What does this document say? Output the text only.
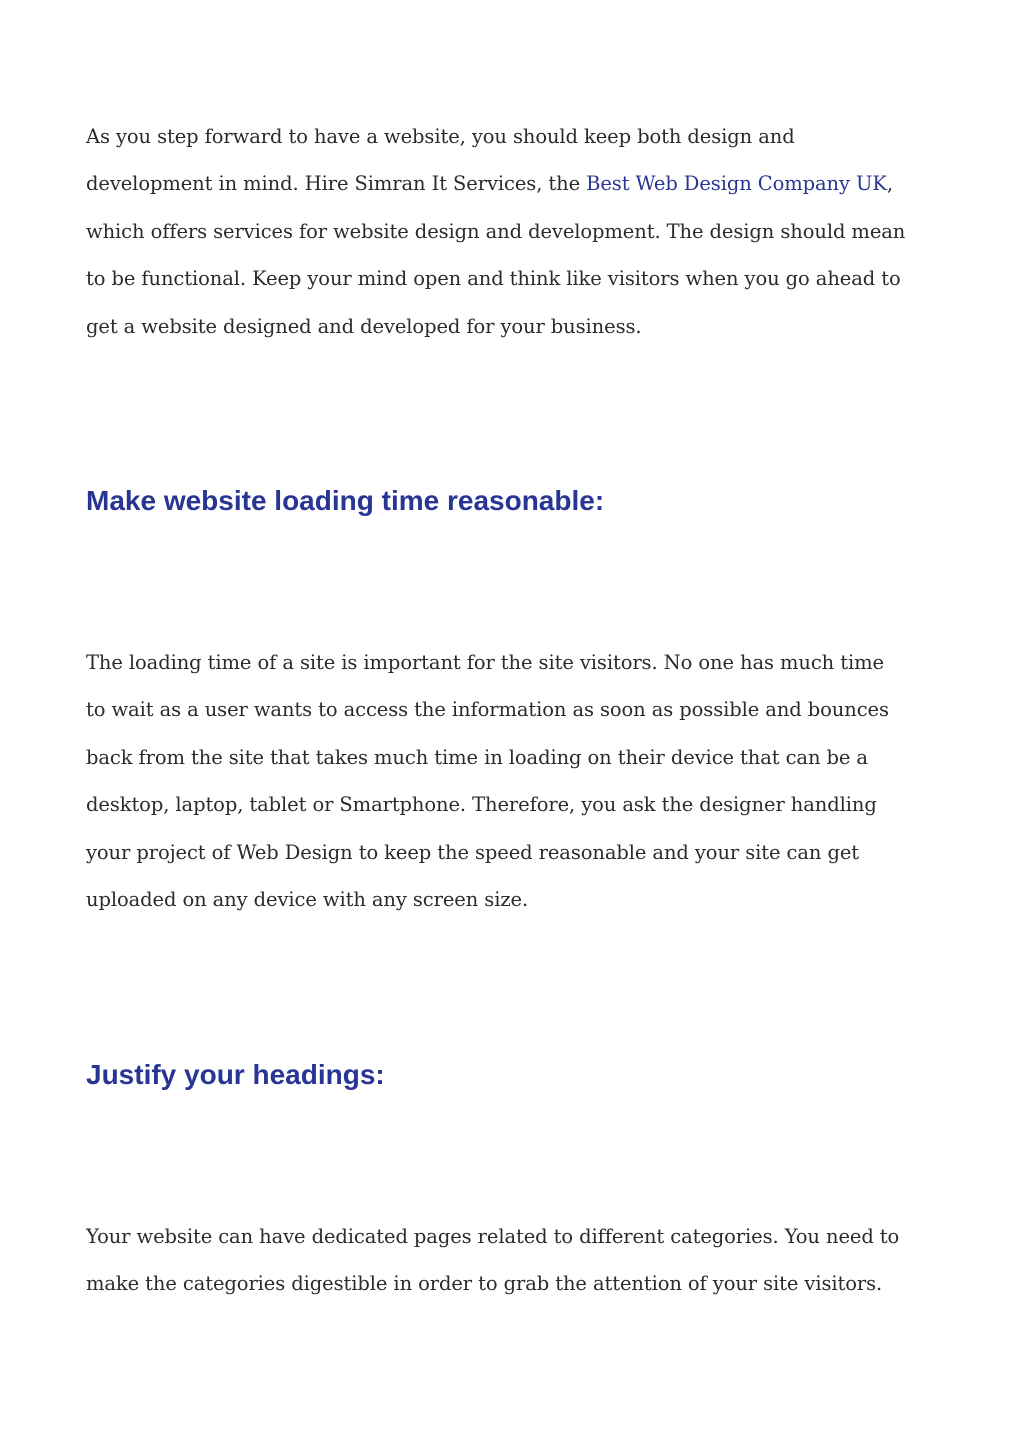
As you step forward to have a website, you should keep both design and
development in mind. Hire Simran It Services, the Best Web Design Company UK,
which offers services for website design and development. The design should mean
to be functional. Keep your mind open and think like visitors when you go ahead to
get a website designed and developed for your business.

Make website loading time reasonable:

The loading time of a site is important for the site visitors. No one has much time
to wait as a user wants to access the information as soon as possible and bounces
back from the site that takes much time in loading on their device that can be a
desktop, laptop, tablet or Smartphone. Therefore, you ask the designer handling
your project of Web Design to keep the speed reasonable and your site can get
uploaded on any device with any screen size.

Justify your headings:

Your website can have dedicated pages related to different categories. You need to
make the categories digestible in order to grab the attention of your site visitors.
